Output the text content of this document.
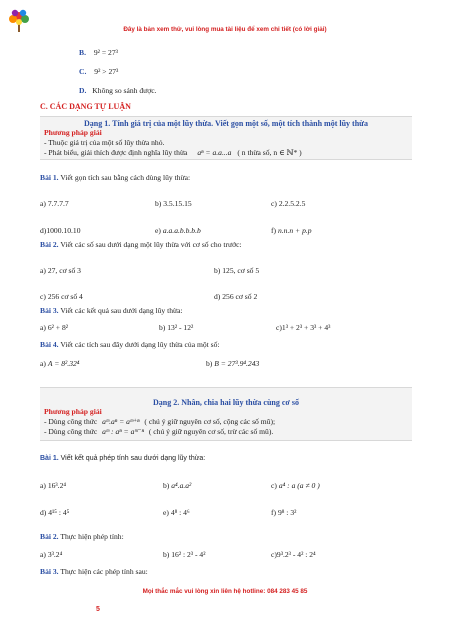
Đây là bản xem thử, vui lòng mua tài liệu để xem chi tiết (có lời giải)
B. 9² = 27³
C. 9² > 27³
D. Không so sánh được.
C. CÁC DẠNG TỰ LUẬN
Dạng 1. Tính giá trị của một lũy thừa. Viết gọn một số, một tích thành một lũy thừa
Phương pháp giải
- Thuộc giá trị của một số lũy thừa nhỏ.
- Phát biểu, giải thích được định nghĩa lũy thừa aⁿ = a.a...a ( n thừa số, n ∈ ℕ* )
Bài 1. Viết gọn tích sau bằng cách dùng lũy thừa:
a) 7.7.7.7	b) 3.5.15.15	c) 2.2.5.2.5
d)1000.10.10	e) a.a.a.b.b.b.b	f) n.n.n + p.p
Bài 2. Viết các số sau dưới dạng một lũy thừa với cơ số cho trước:
a) 27, cơ số 3	b) 125, cơ số 5
c) 256 cơ số 4	d) 256 cơ số 2
Bài 3. Viết các kết quả sau dưới dạng lũy thừa:
a) 6² + 8²	b) 13² - 12²	c)1³ + 2³ + 3³ + 4³
Bài 4. Viết các tích sau đây dưới dạng lũy thừa của một số:
a) A = 8².32⁴	b) B = 27³.9⁴.243
Dạng 2. Nhân, chia hai lũy thừa cùng cơ số
Phương pháp giải
- Dùng công thức aᵐ.aⁿ = aᵐ⁺ⁿ ( chú ý giữ nguyên cơ số, cộng các số mũ);
- Dùng công thức aᵐ : aⁿ = aᵐ⁻ⁿ ( chú ý giữ nguyên cơ số, trừ các số mũ).
Bài 1. Viết kết quả phép tính sau dưới dạng lũy thừa:
a) 16³.2⁴	b) a⁴.a.a²	c) a⁴ : a (a ≠ 0 )
d) 4¹⁵ : 4⁵	e) 4⁸ : 4⁶	f) 9⁸ : 3²
Bài 2. Thực hiện phép tính:
a) 3³.2⁴	b) 16² : 2³ - 4²	c)9³.2³ - 4² : 2⁴
Bài 3. Thực hiện các phép tính sau:
Mọi thắc mắc vui lòng xin liên hệ hotline: 084 283 45 85
5
